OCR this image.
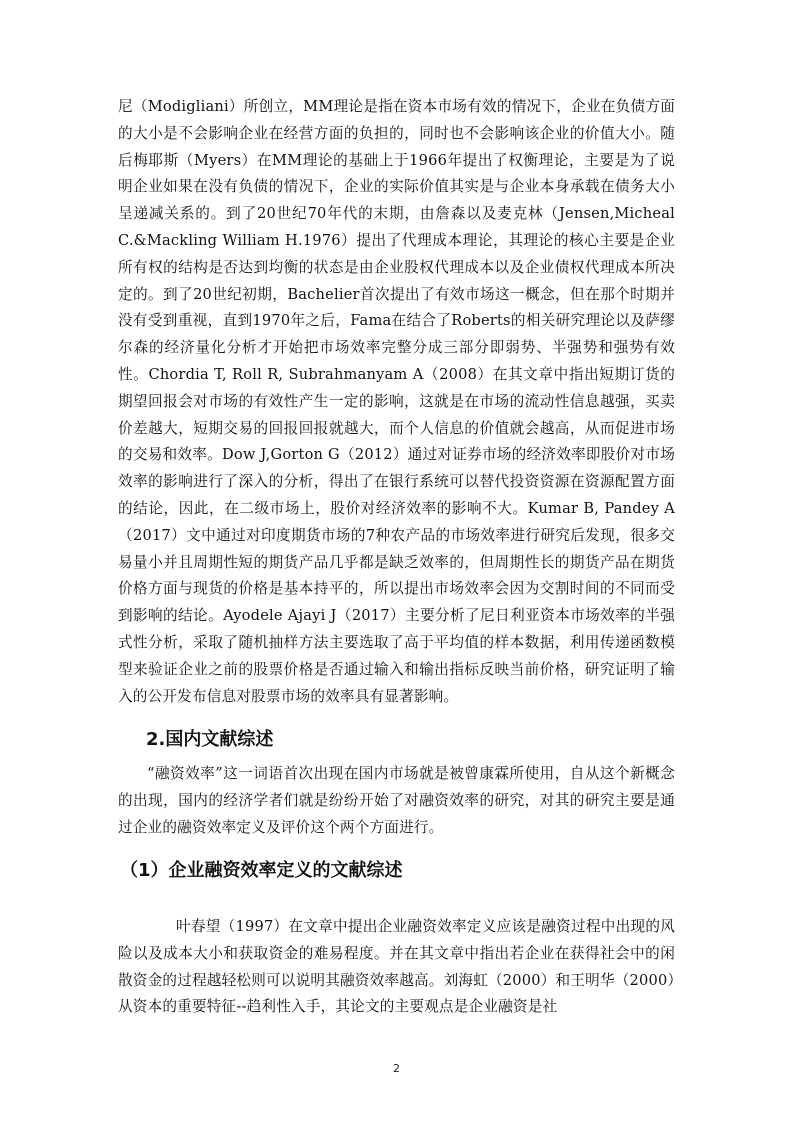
尼（Modigliani）所创立，MM理论是指在资本市场有效的情况下，企业在负债方面的大小是不会影响企业在经营方面的负担的，同时也不会影响该企业的价值大小。随后梅耶斯（Myers）在MM理论的基础上于1966年提出了权衡理论，主要是为了说明企业如果在没有负债的情况下，企业的实际价值其实是与企业本身承载在债务大小呈递减关系的。到了20世纪70年代的末期，由詹森以及麦克林（Jensen,Micheal C.&Mackling William H.1976）提出了代理成本理论，其理论的核心主要是企业所有权的结构是否达到均衡的状态是由企业股权代理成本以及企业债权代理成本所决定的。到了20世纪初期，Bachelier首次提出了有效市场这一概念，但在那个时期并没有受到重视，直到1970年之后，Fama在结合了Roberts的相关研究理论以及萨缪尔森的经济量化分析才开始把市场效率完整分成三部分即弱势、半强势和强势有效性。Chordia T, Roll R, Subrahmanyam A（2008）在其文章中指出短期订货的期望回报会对市场的有效性产生一定的影响，这就是在市场的流动性信息越强，买卖价差越大，短期交易的回报回报就越大，而个人信息的价值就会越高，从而促进市场的交易和效率。Dow J,Gorton G（2012）通过对证券市场的经济效率即股价对市场效率的影响进行了深入的分析，得出了在银行系统可以替代投资资源在资源配置方面的结论，因此，在二级市场上，股价对经济效率的影响不大。Kumar B, Pandey A（2017）文中通过对印度期货市场的7种农产品的市场效率进行研究后发现，很多交易量小并且周期性短的期货产品几乎都是缺乏效率的，但周期性长的期货产品在期货价格方面与现货的价格是基本持平的，所以提出市场效率会因为交割时间的不同而受到影响的结论。Ayodele Ajayi J（2017）主要分析了尼日利亚资本市场效率的半强式性分析，采取了随机抽样方法主要选取了高于平均值的样本数据，利用传递函数模型来验证企业之前的股票价格是否通过输入和输出指标反映当前价格，研究证明了输入的公开发布信息对股票市场的效率具有显著影响。
2.国内文献综述
“融资效率”这一词语首次出现在国内市场就是被曾康霖所使用，自从这个新概念的出现，国内的经济学者们就是纷纷开始了对融资效率的研究，对其的研究主要是通过企业的融资效率定义及评价这个两个方面进行。
（1）企业融资效率定义的文献综述
叶春望（1997）在文章中提出企业融资效率定义应该是融资过程中出现的风险以及成本大小和获取资金的难易程度。并在其文章中指出若企业在获得社会中的闲散资金的过程越轻松则可以说明其融资效率越高。刘海虹（2000）和王明华（2000）从资本的重要特征--趋利性入手，其论文的主要观点是企业融资是社
2
